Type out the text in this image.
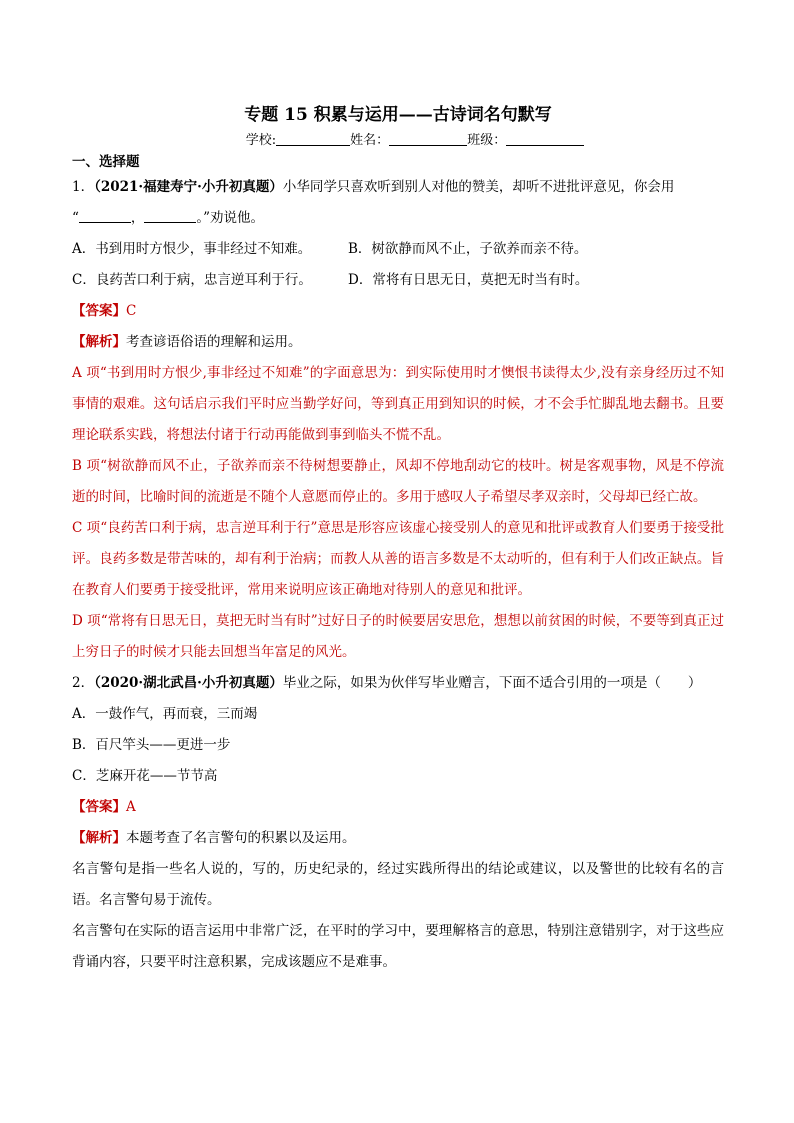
专题 15 积累与运用——古诗词名句默写

学校:	姓名：	班级：

一、选择题

1．（2021·福建寿宁·小升初真题）小华同学只喜欢听到别人对他的赞美，却听不进批评意见，你会用

“	，	。”劝说他。

A．书到用时方恨少，事非经过不知难。	B．树欲静而风不止，子欲养而亲不待。
C．良药苦口利于病，忠言逆耳利于行。	D．常将有日思无日，莫把无时当有时。

【答案】C

【解析】考查谚语俗语的理解和运用。

A 项“书到用时方恨少,事非经过不知难”的字面意思为：到实际使用时才懊恨书读得太少,没有亲身经历过不知事情的艰难。这句话启示我们平时应当勤学好问，等到真正用到知识的时候，才不会手忙脚乱地去翻书。且要理论联系实践，将想法付诸于行动再能做到事到临头不慌不乱。

B 项“树欲静而风不止，子欲养而亲不待树想要静止，风却不停地刮动它的枝叶。树是客观事物，风是不停流逝的时间，比喻时间的流逝是不随个人意愿而停止的。多用于感叹人子希望尽孝双亲时，父母却已经亡故。

C 项“良药苦口利于病，忠言逆耳利于行”意思是形容应该虚心接受别人的意见和批评或教育人们要勇于接受批评。良药多数是带苦味的，却有利于治病；而教人从善的语言多数是不太动听的，但有利于人们改正缺点。旨在教育人们要勇于接受批评，常用来说明应该正确地对待别人的意见和批评。

D 项“常将有日思无日，莫把无时当有时”过好日子的时候要居安思危，想想以前贫困的时候，不要等到真正过上穷日子的时候才只能去回想当年富足的风光。

2．（2020·湖北武昌·小升初真题）毕业之际，如果为伙伴写毕业赠言，下面不适合引用的一项是（　　）

A．一鼓作气，再而衰，三而竭

B．百尺竿头——更进一步

C．芝麻开花——节节高

【答案】A

【解析】本题考查了名言警句的积累以及运用。

名言警句是指一些名人说的，写的，历史纪录的，经过实践所得出的结论或建议，以及警世的比较有名的言语。名言警句易于流传。

名言警句在实际的语言运用中非常广泛，在平时的学习中，要理解格言的意思，特别注意错别字，对于这些应背诵内容，只要平时注意积累，完成该题应不是难事。
